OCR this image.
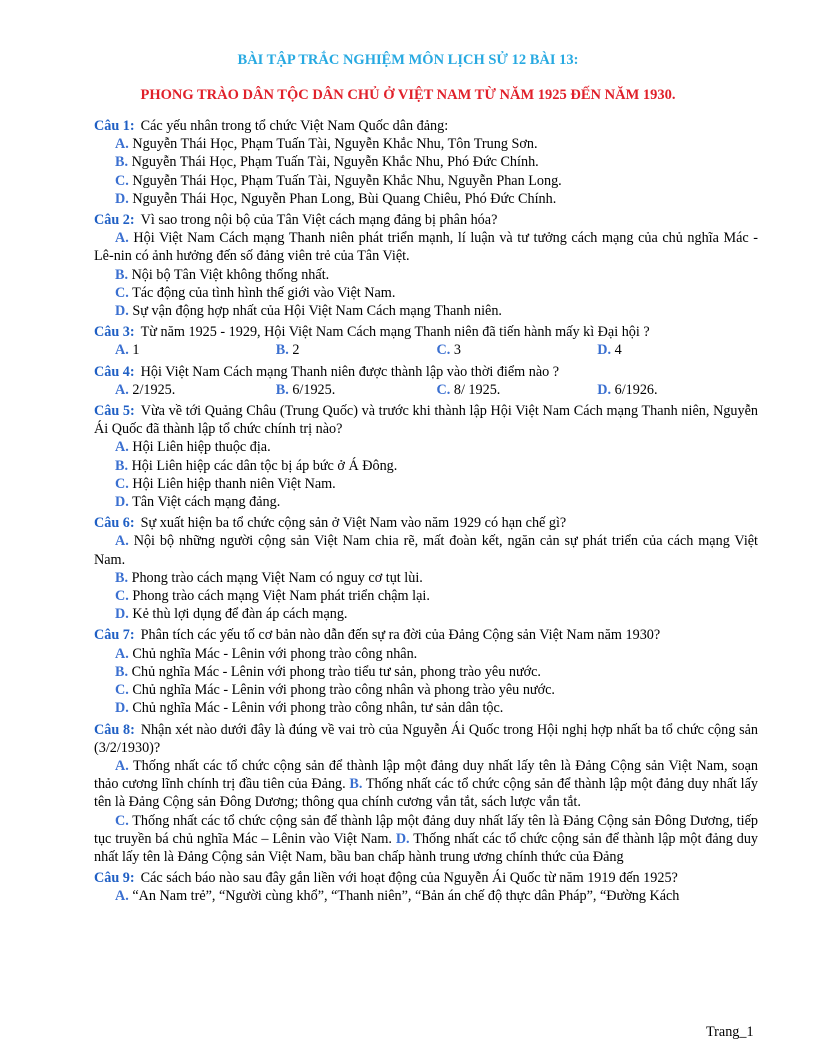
BÀI TẬP TRẮC NGHIỆM MÔN LỊCH SỬ 12 BÀI 13:
PHONG TRÀO DÂN TỘC DÂN CHỦ Ở VIỆT NAM TỪ NĂM 1925 ĐẾN NĂM 1930.
Câu 1: Các yếu nhân trong tổ chức Việt Nam Quốc dân đảng:
A. Nguyễn Thái Học, Phạm Tuấn Tài, Nguyễn Khắc Nhu, Tôn Trung Sơn.
B. Nguyễn Thái Học, Phạm Tuấn Tài, Nguyễn Khắc Nhu, Phó Đức Chính.
C. Nguyễn Thái Học, Phạm Tuấn Tài, Nguyễn Khắc Nhu, Nguyễn Phan Long.
D. Nguyễn Thái Học, Nguyễn Phan Long, Bùi Quang Chiêu, Phó Đức Chính.
Câu 2: Vì sao trong nội bộ của Tân Việt cách mạng đảng bị phân hóa?
A. Hội Việt Nam Cách mạng Thanh niên phát triển mạnh, lí luận và tư tưởng cách mạng của chủ nghĩa Mác - Lê-nin có ảnh hưởng đến số đảng viên trẻ của Tân Việt.
B. Nội bộ Tân Việt không thống nhất.
C. Tác động của tình hình thế giới vào Việt Nam.
D. Sự vận động hợp nhất của Hội Việt Nam Cách mạng Thanh niên.
Câu 3: Từ năm 1925 - 1929, Hội Việt Nam Cách mạng Thanh niên đã tiến hành mấy kì Đại hội ?
A. 1	B. 2	C. 3	D. 4
Câu 4: Hội Việt Nam Cách mạng Thanh niên được thành lập vào thời điểm nào ?
A. 2/1925.	B. 6/1925.	C. 8/ 1925.	D. 6/1926.
Câu 5: Vừa về tới Quảng Châu (Trung Quốc) và trước khi thành lập Hội Việt Nam Cách mạng Thanh niên, Nguyễn Ái Quốc đã thành lập tổ chức chính trị nào?
A. Hội Liên hiệp thuộc địa.
B. Hội Liên hiệp các dân tộc bị áp bức ở Á Đông.
C. Hội Liên hiệp thanh niên Việt Nam.
D. Tân Việt cách mạng đảng.
Câu 6: Sự xuất hiện ba tổ chức cộng sản ở Việt Nam vào năm 1929 có hạn chế gì?
A. Nội bộ những người cộng sản Việt Nam chia rẽ, mất đoàn kết, ngăn cản sự phát triển của cách mạng Việt Nam.
B. Phong trào cách mạng Việt Nam có nguy cơ tụt lùi.
C. Phong trào cách mạng Việt Nam phát triển chậm lại.
D. Kẻ thù lợi dụng để đàn áp cách mạng.
Câu 7: Phân tích các yếu tố cơ bản nào dẫn đến sự ra đời của Đảng Cộng sản Việt Nam năm 1930?
A. Chủ nghĩa Mác - Lênin với phong trào công nhân.
B. Chủ nghĩa Mác - Lênin với phong trào tiểu tư sản, phong trào yêu nước.
C. Chủ nghĩa Mác - Lênin với phong trào công nhân và phong trào yêu nước.
D. Chủ nghĩa Mác - Lênin với phong trào công nhân, tư sản dân tộc.
Câu 8: Nhận xét nào dưới đây là đúng về vai trò của Nguyễn Ái Quốc trong Hội nghị hợp nhất ba tổ chức cộng sản (3/2/1930)?

A. Thống nhất các tổ chức cộng sản để thành lập một đảng duy nhất lấy tên là Đảng Cộng sản Việt Nam, soạn thảo cương lĩnh chính trị đầu tiên của Đảng. B. Thống nhất các tổ chức cộng sản để thành lập một đảng duy nhất lấy tên là Đảng Cộng sản Đông Dương; thông qua chính cương vắn tắt, sách lược vắn tắt.

C. Thống nhất các tổ chức cộng sản để thành lập một đảng duy nhất lấy tên là Đảng Cộng sản Đông Dương, tiếp tục truyền bá chủ nghĩa Mác – Lênin vào Việt Nam. D. Thống nhất các tổ chức cộng sản để thành lập một đảng duy nhất lấy tên là Đảng Cộng sản Việt Nam, bầu ban chấp hành trung ương chính thức của Đảng

Câu 9: Các sách báo nào sau đây gắn liền với hoạt động của Nguyễn Ái Quốc từ năm 1919 đến 1925?
A. “An Nam trẻ”, “Người cùng khổ”, “Thanh niên”, “Bản án chế độ thực dân Pháp”, “Đường Kách
Trang_1
